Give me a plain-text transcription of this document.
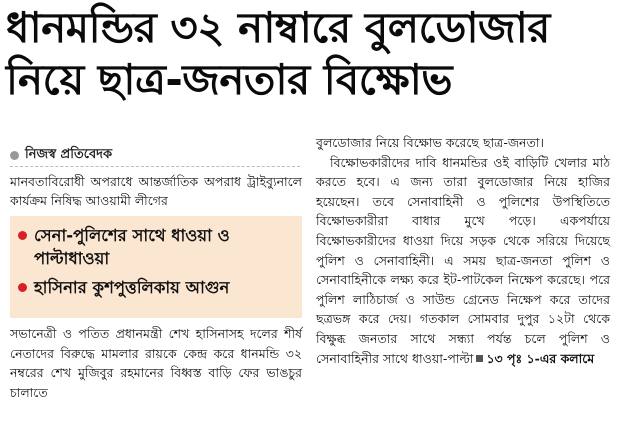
ধানমন্ডির ৩২ নাম্বারে বুলডোজার
নিয়ে ছাত্র-জনতার বিক্ষোভ
নিজস্ব প্রতিবেদক

মানবতাবিরোধী অপরাধে আন্তর্জাতিক অপরাধ ট্রাইব্যুনালে কার্যক্রম নিষিদ্ধ আওয়ামী লীগের

সেনা-পুলিশের সাথে ধাওয়া ও পাল্টাধাওয়া
হাসিনার কুশপুত্তলিকায় আগুন

সভানেত্রী ও পতিত প্রধানমন্ত্রী শেখ হাসিনাসহ দলের শীর্ষ নেতাদের বিরুদ্ধে মামলার রায়কে কেন্দ্র করে ধানমন্ডি ৩২ নম্বরের শেখ মুজিবুর রহমানের বিধ্বস্ত বাড়ি ফের ভাঙচুর চালাতে

বুলডোজার নিয়ে বিক্ষোভ করেছে ছাত্র-জনতা।

বিক্ষোভকারীদের দাবি ধানমন্ডির ওই বাড়িটি খেলার মাঠ করতে হবে। এ জন্য তারা বুলডোজার নিয়ে হাজির হয়েছেন। তবে সেনাবাহিনী ও পুলিশের উপস্থিতিতে বিক্ষোভকারীরা বাধার মুখে পড়ে। একপর্যায়ে বিক্ষোভকারীদের ধাওয়া দিয়ে সড়ক থেকে সরিয়ে দিয়েছে পুলিশ ও সেনাবাহিনী। এ সময় ছাত্র-জনতা পুলিশ ও সেনাবাহিনীকে লক্ষ্য করে ইট-পাটকেল নিক্ষেপ করেছে। পরে পুলিশ লাঠিচার্জ ও সাউন্ড গ্রেনেড নিক্ষেপ করে তাদের ছত্রভঙ্গ করে দেয়। গতকাল সোমবার দুপুর ১২টা থেকে বিক্ষুব্ধ জনতার সাথে সন্ধ্যা পর্যন্ত চলে পুলিশ ও সেনাবাহিনীর সাথে ধাওয়া-পাল্টা ১৩ পৃঃ ১-এর কলামে
